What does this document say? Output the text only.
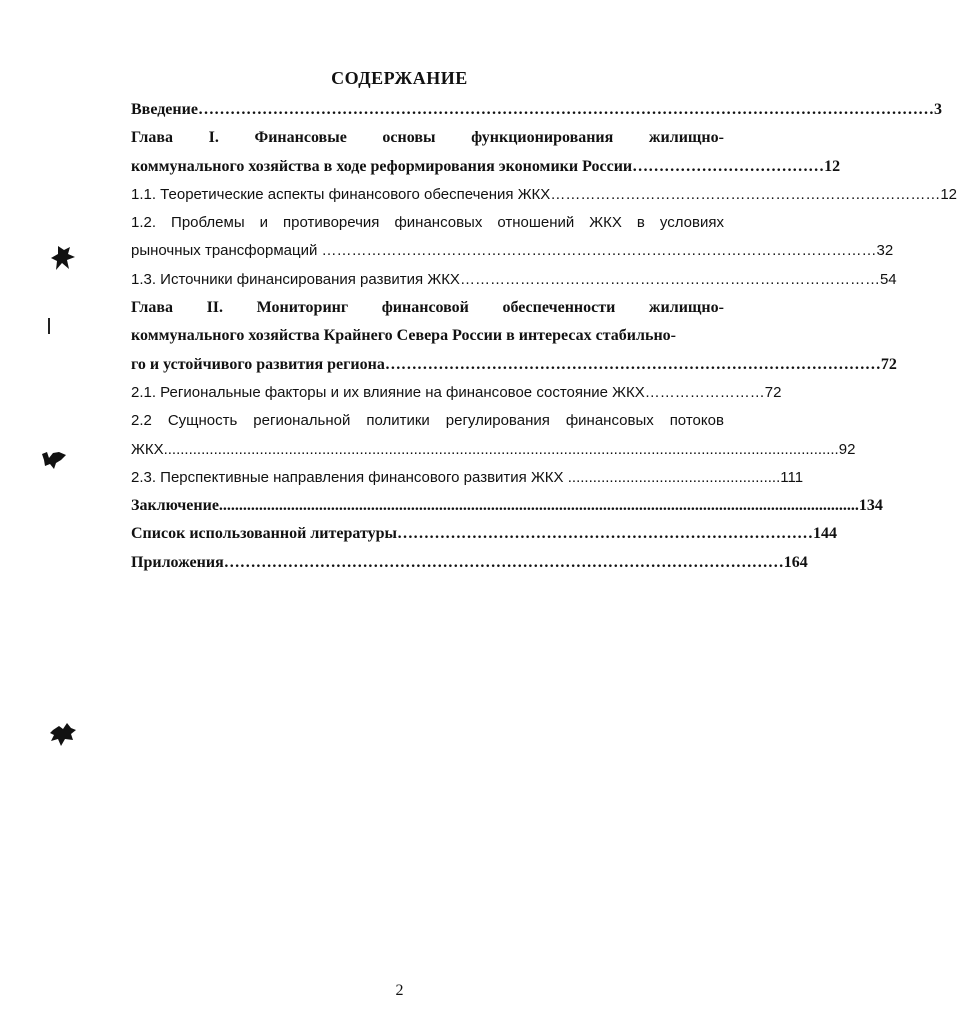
СОДЕРЖАНИЕ
Введение ………………………………………………………………………………………………………………………… 3
Глава I. Финансовые основы функционирования жилищно-
коммунального хозяйства в ходе реформирования экономики России ……………………………… 12
1.1. Теоретические аспекты финансового обеспечения ЖКХ …………………………………………………………………… 12
1.2. Проблемы и противоречия финансовых отношений ЖКХ в условиях
рыночных трансформаций ………………………………………………………………………………………………… 32
1.3. Источники финансирования развития ЖКХ ………………………………………………………………………… 54
Глава II. Мониторинг финансовой обеспеченности жилищно-
коммунального хозяйства Крайнего Севера России в интересах стабильно-
го и устойчивого развития региона ………………………………………………………………………………… 72
2.1. Региональные факторы и их влияние на финансовое состояние ЖКХ …………………… 72
2.2 Сущность региональной политики регулирования финансовых потоков
ЖКХ .................................................................................................................................................................. 92
2.3. Перспективные направления финансового развития ЖКХ ................................................... 111
Заключение ................................................................................................................................................................ 134
Список использованной литературы …………………………………………………………………… 144
Приложения …………………………………………………………………………………………… 164
2
